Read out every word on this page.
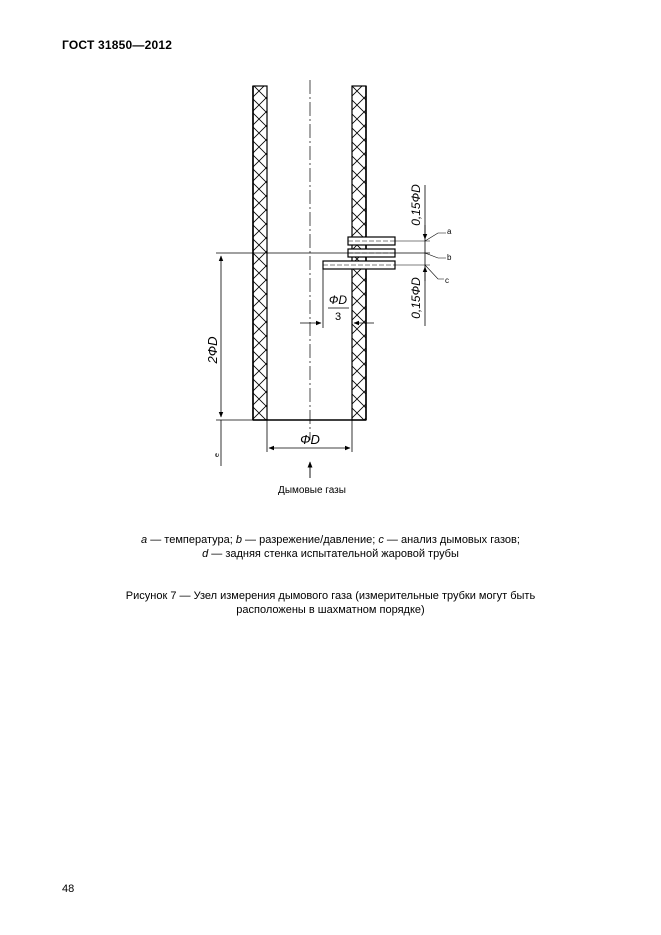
ГОСТ 31850—2012
e
2ФD
ФD
ФD
3
0,15ФD
0,15ФD
a
b
c
Дымовые газы
a — температура; b — разрежение/давление; c — анализ дымовых газов;
d — задняя стенка испытательной жаровой трубы
Рисунок 7 — Узел измерения дымового газа (измерительные трубки могут быть
расположены в шахматном порядке)
48
